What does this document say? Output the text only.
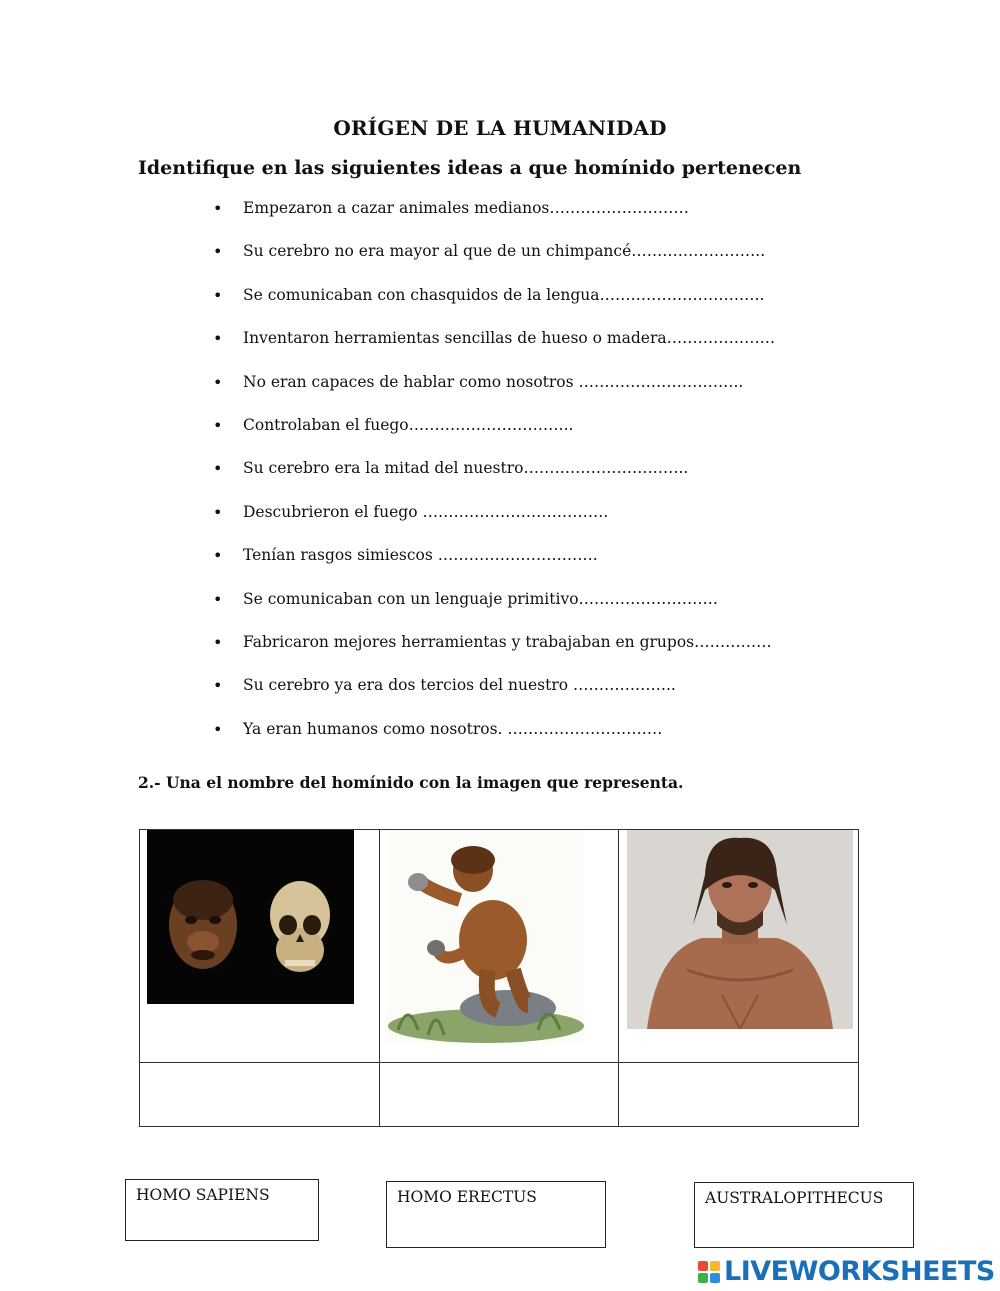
ORÍGEN DE LA HUMANIDAD
Identifique en las siguientes ideas a que homínido pertenecen
•	Empezaron a cazar animales medianos………………………
•	Su cerebro no era mayor al que de un chimpancé……………………..
•	Se comunicaban con chasquidos de la lengua…………………………..
•	Inventaron herramientas sencillas de hueso o madera…………………
•	No eran capaces de hablar como nosotros …………………………..
•	Controlaban el fuego…………………………..
•	Su cerebro era la mitad del nuestro…………………………..
•	Descubrieron el fuego ………………………………
•	Tenían rasgos simiescos ………………………….
•	Se comunicaban con un lenguaje primitivo………………………
•	Fabricaron mejores herramientas y trabajaban en grupos……………
•	Su cerebro ya era dos tercios del nuestro ………………..
•	Ya eran humanos como nosotros. …………………………
2.- Una el nombre del homínido con la imagen que representa.

HOMO SAPIENS	HOMO ERECTUS	AUSTRALOPITHECUS
LIVEWORKSHEETS
